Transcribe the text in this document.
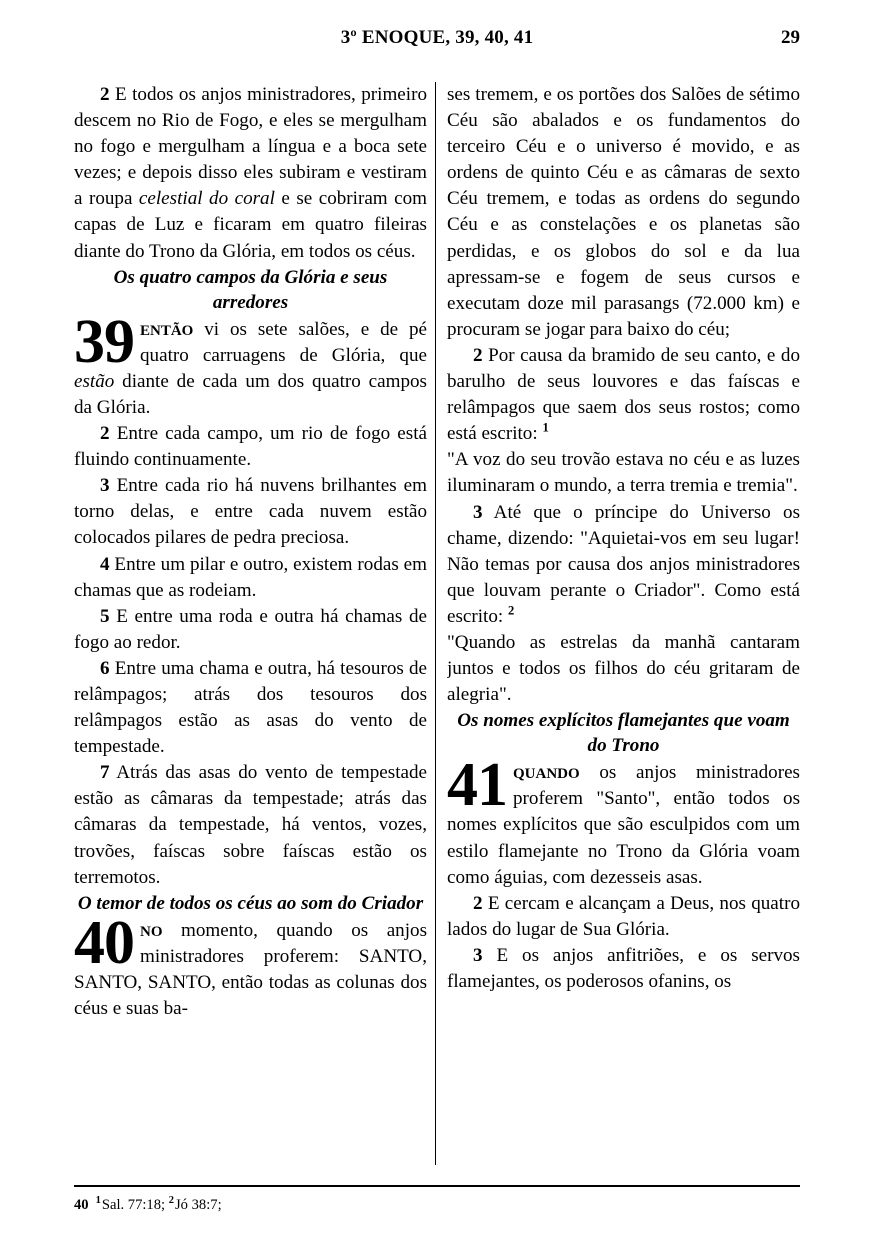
3º ENOQUE, 39, 40, 41	29

2 E todos os anjos ministradores, primeiro descem no Rio de Fogo, e eles se mergulham no fogo e mergulham a língua e a boca sete vezes; e depois disso eles subiram e vestiram a roupa celestial do coral e se cobriram com capas de Luz e ficaram em quatro fileiras diante do Trono da Glória, em todos os céus.

Os quatro campos da Glória e seus arredores
39 então vi os sete salões, e de pé quatro carruagens de Glória, que estão diante de cada um dos quatro campos da Glória.

2 Entre cada campo, um rio de fogo está fluindo continuamente.

3 Entre cada rio há nuvens brilhantes em torno delas, e entre cada nuvem estão colocados pilares de pedra preciosa.

4 Entre um pilar e outro, existem rodas em chamas que as rodeiam.

5 E entre uma roda e outra há chamas de fogo ao redor.

6 Entre uma chama e outra, há tesouros de relâmpagos; atrás dos tesouros dos relâmpagos estão as asas do vento de tempestade.

7 Atrás das asas do vento de tempestade estão as câmaras da tempestade; atrás das câmaras da tempestade, há ventos, vozes, trovões, faíscas sobre faíscas estão os terremotos.

O temor de todos os céus ao som do Criador
40 no momento, quando os anjos ministradores proferem: SANTO, SANTO, SANTO, então todas as colunas dos céus e suas ba-

ses tremem, e os portões dos Salões de sétimo Céu são abalados e os fundamentos do terceiro Céu e o universo é movido, e as ordens de quinto Céu e as câmaras de sexto Céu tremem, e todas as ordens do segundo Céu e as constelações e os planetas são perdidas, e os globos do sol e da lua apressam-se e fogem de seus cursos e executam doze mil parasangs (72.000 km) e procuram se jogar para baixo do céu;

2 Por causa da bramido de seu canto, e do barulho de seus louvores e das faíscas e relâmpagos que saem dos seus rostos; como está escrito: $^1$

"A voz do seu trovão estava no céu e as luzes iluminaram o mundo, a terra tremia e tremia".

3 Até que o príncipe do Universo os chame, dizendo: "Aquietai-vos em seu lugar! Não temas por causa dos anjos ministradores que louvam perante o Criador". Como está escrito: $^2$

"Quando as estrelas da manhã cantaram juntos e todos os filhos do céu gritaram de alegria".

Os nomes explícitos flamejantes que voam do Trono
41 quando os anjos ministradores proferem "Santo", então todos os nomes explícitos que são esculpidos com um estilo flamejante no Trono da Glória voam como águias, com dezesseis asas.

2 E cercam e alcançam a Deus, nos quatro lados do lugar de Sua Glória.

3 E os anjos anfitriões, e os servos flamejantes, os poderosos ofanins, os

40 $^1$Sal. 77:18; $^2$Jó 38:7;
